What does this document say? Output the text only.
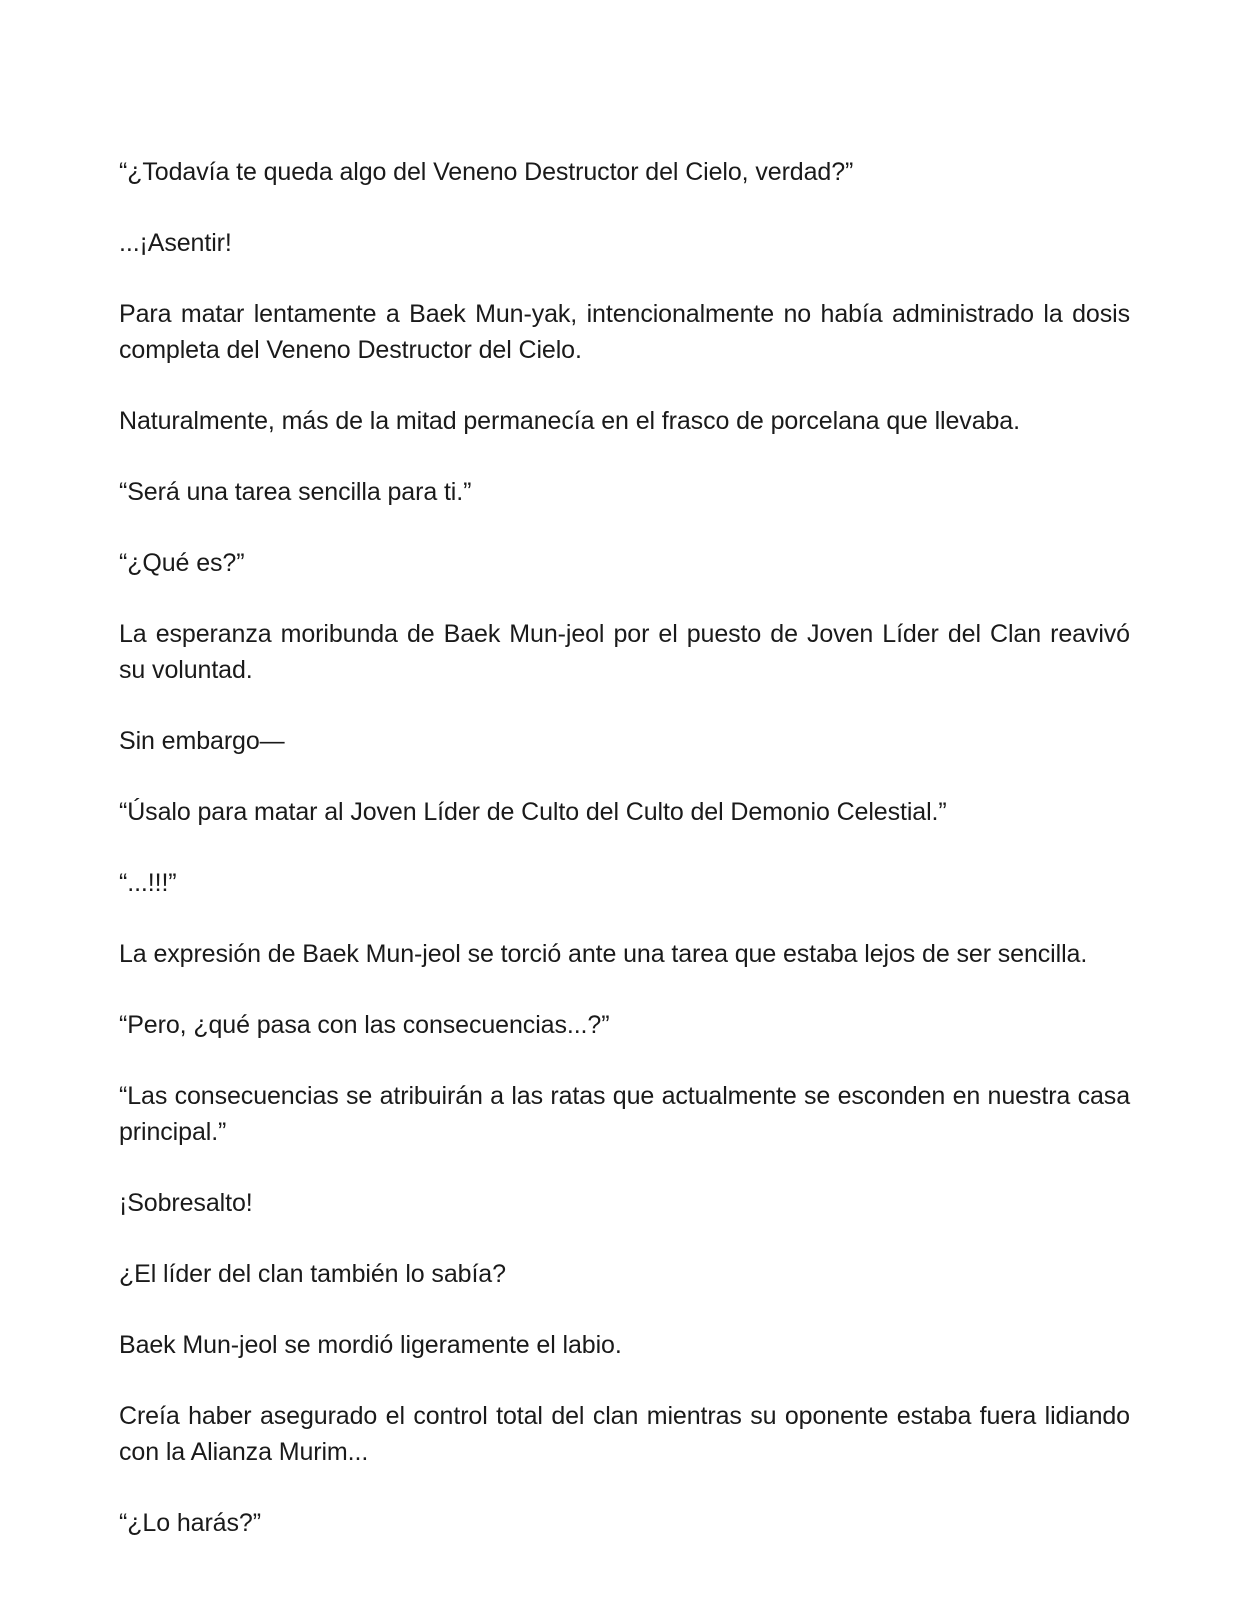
“¿Todavía te queda algo del Veneno Destructor del Cielo, verdad?”

...¡Asentir!

Para matar lentamente a Baek Mun-yak, intencionalmente no había administrado la dosis completa del Veneno Destructor del Cielo.

Naturalmente, más de la mitad permanecía en el frasco de porcelana que llevaba.

“Será una tarea sencilla para ti.”

“¿Qué es?”

La esperanza moribunda de Baek Mun-jeol por el puesto de Joven Líder del Clan reavivó su voluntad.

Sin embargo—

“Úsalo para matar al Joven Líder de Culto del Culto del Demonio Celestial.”

“...!!!”

La expresión de Baek Mun-jeol se torció ante una tarea que estaba lejos de ser sencilla.

“Pero, ¿qué pasa con las consecuencias...?”

“Las consecuencias se atribuirán a las ratas que actualmente se esconden en nuestra casa principal.”

¡Sobresalto!

¿El líder del clan también lo sabía?

Baek Mun-jeol se mordió ligeramente el labio.

Creía haber asegurado el control total del clan mientras su oponente estaba fuera lidiando con la Alianza Murim...

“¿Lo harás?”
